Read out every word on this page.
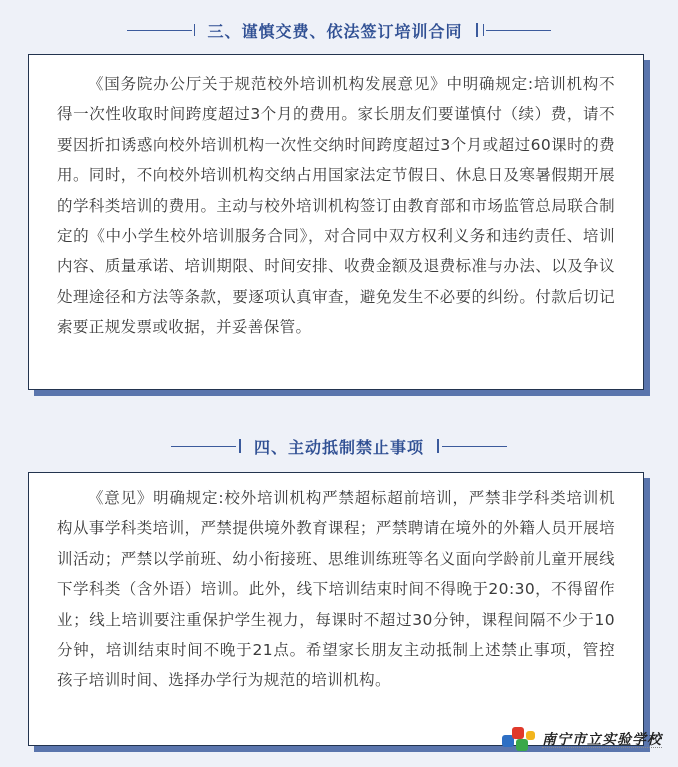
三、谨慎交费、依法签订培训合同

《国务院办公厅关于规范校外培训机构发展意见》中明确规定:培训机构不得一次性收取时间跨度超过3个月的费用。家长朋友们要谨慎付（续）费，请不要因折扣诱惑向校外培训机构一次性交纳时间跨度超过3个月或超过60课时的费用。同时，不向校外培训机构交纳占用国家法定节假日、休息日及寒暑假期开展的学科类培训的费用。主动与校外培训机构签订由教育部和市场监管总局联合制定的《中小学生校外培训服务合同》，对合同中双方权利义务和违约责任、培训内容、质量承诺、培训期限、时间安排、收费金额及退费标准与办法、以及争议处理途径和方法等条款，要逐项认真审查，避免发生不必要的纠纷。付款后切记索要正规发票或收据，并妥善保管。

四、主动抵制禁止事项

《意见》明确规定:校外培训机构严禁超标超前培训，严禁非学科类培训机构从事学科类培训，严禁提供境外教育课程；严禁聘请在境外的外籍人员开展培训活动；严禁以学前班、幼小衔接班、思维训练班等名义面向学龄前儿童开展线下学科类（含外语）培训。此外，线下培训结束时间不得晚于20:30，不得留作业；线上培训要注重保护学生视力，每课时不超过30分钟，课程间隔不少于10分钟，培训结束时间不晚于21点。希望家长朋友主动抵制上述禁止事项，管控孩子培训时间、选择办学行为规范的培训机构。

南宁市立实验学校
